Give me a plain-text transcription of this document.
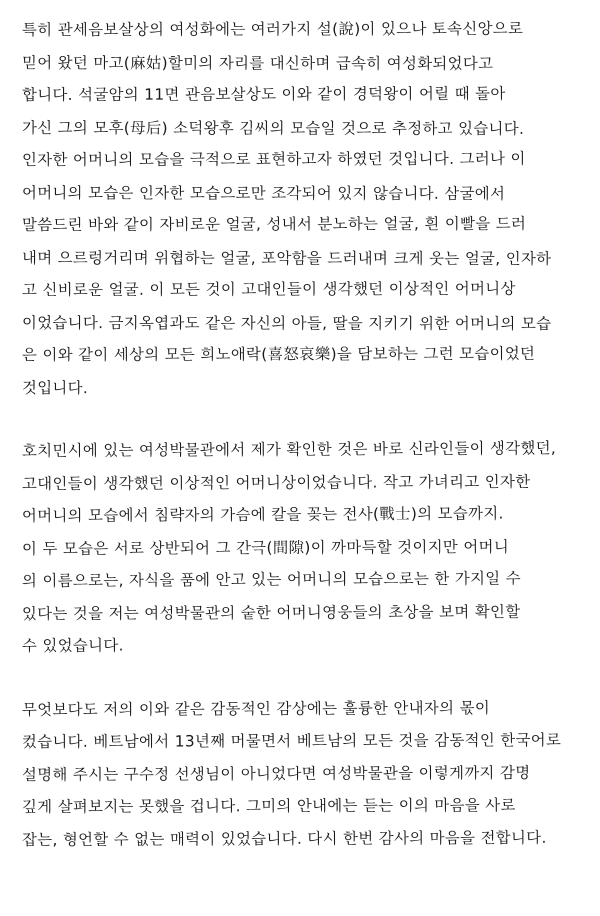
특히 관세음보살상의 여성화에는 여러가지 설(說)이 있으나 토속신앙으로
믿어 왔던 마고(麻姑)할미의 자리를 대신하며 급속히 여성화되었다고
합니다. 석굴암의 11면 관음보살상도 이와 같이 경덕왕이 어릴 때 돌아
가신 그의 모후(母后) 소덕왕후 김씨의 모습일 것으로 추정하고 있습니다.
인자한 어머니의 모습을 극적으로 표현하고자 하였던 것입니다. 그러나 이
어머니의 모습은 인자한 모습으로만 조각되어 있지 않습니다. 삼굴에서
말씀드린 바와 같이 자비로운 얼굴, 성내서 분노하는 얼굴, 흰 이빨을 드러
내며 으르렁거리며 위협하는 얼굴, 포악함을 드러내며 크게 웃는 얼굴, 인자하
고 신비로운 얼굴. 이 모든 것이 고대인들이 생각했던 이상적인 어머니상
이었습니다. 금지옥엽과도 같은 자신의 아들, 딸을 지키기 위한 어머니의 모습
은 이와 같이 세상의 모든 희노애락(喜怒哀樂)을 담보하는 그런 모습이었던
것입니다.
호치민시에 있는 여성박물관에서 제가 확인한 것은 바로 신라인들이 생각했던,
고대인들이 생각했던 이상적인 어머니상이었습니다. 작고 가녀리고 인자한
어머니의 모습에서 침략자의 가슴에 칼을 꽂는 전사(戰士)의 모습까지.
이 두 모습은 서로 상반되어 그 간극(間隙)이 까마득할 것이지만 어머니
의 이름으로는, 자식을 품에 안고 있는 어머니의 모습으로는 한 가지일 수
있다는 것을 저는 여성박물관의 숱한 어머니영웅들의 초상을 보며 확인할
수 있었습니다.
무엇보다도 저의 이와 같은 감동적인 감상에는 훌륭한 안내자의 몫이
컸습니다. 베트남에서 13년째 머물면서 베트남의 모든 것을 감동적인 한국어로
설명해 주시는 구수정 선생님이 아니었다면 여성박물관을 이렇게까지 감명
깊게 살펴보지는 못했을 겁니다. 그미의 안내에는 듣는 이의 마음을 사로
잡는, 형언할 수 없는 매력이 있었습니다. 다시 한번 감사의 마음을 전합니다.
